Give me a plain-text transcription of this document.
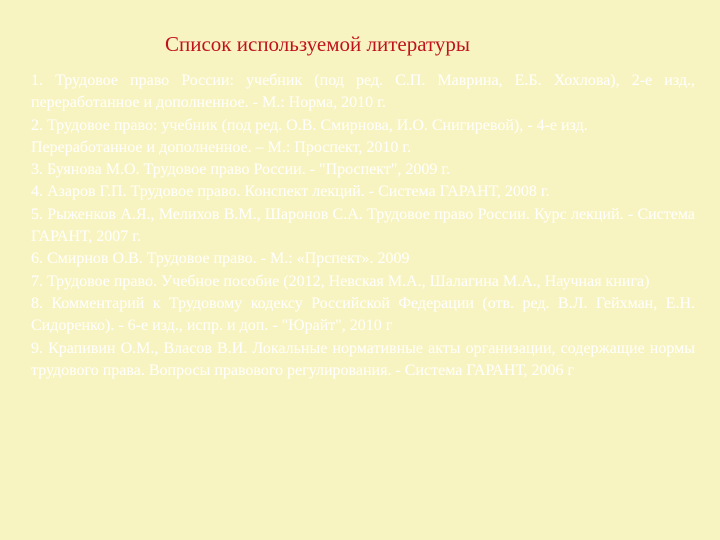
Список используемой литературы

1. Трудовое право России: учебник (под ред. С.П. Маврина, Е.Б. Хохлова), 2-е изд., переработанное и дополненное. - М.: Норма, 2010 г.

2. Трудовое право: учебник (под ред. О.В. Смирнова, И.О. Снигиревой), - 4-е изд.

Переработанное и дополненное. – М.: Проспект, 2010 г.

3. Буянова М.О. Трудовое право России. - "Проспект", 2009 г.

4. Азаров Г.П. Трудовое право. Конспект лекций. - Система ГАРАНТ, 2008 г.

5. Рыженков А.Я., Мелихов В.М., Шаронов С.А. Трудовое право России. Курс лекций. - Система ГАРАНТ, 2007 г.

6. Смирнов О.В. Трудовое право. - М.: «Прспект». 2009

7. Трудовое право. Учебное пособие (2012, Невская М.А., Шалагина М.А., Научная книга)

8. Комментарий к Трудовому кодексу Российской Федерации (отв. ред. В.Л. Гейхман, Е.Н. Сидоренко). - 6-е изд., испр. и доп. - "Юрайт", 2010 г

9. Крапивин О.М., Власов В.И. Локальные нормативные акты организации, содержащие нормы трудового права. Вопросы правового регулирования. - Система ГАРАНТ, 2006 г
